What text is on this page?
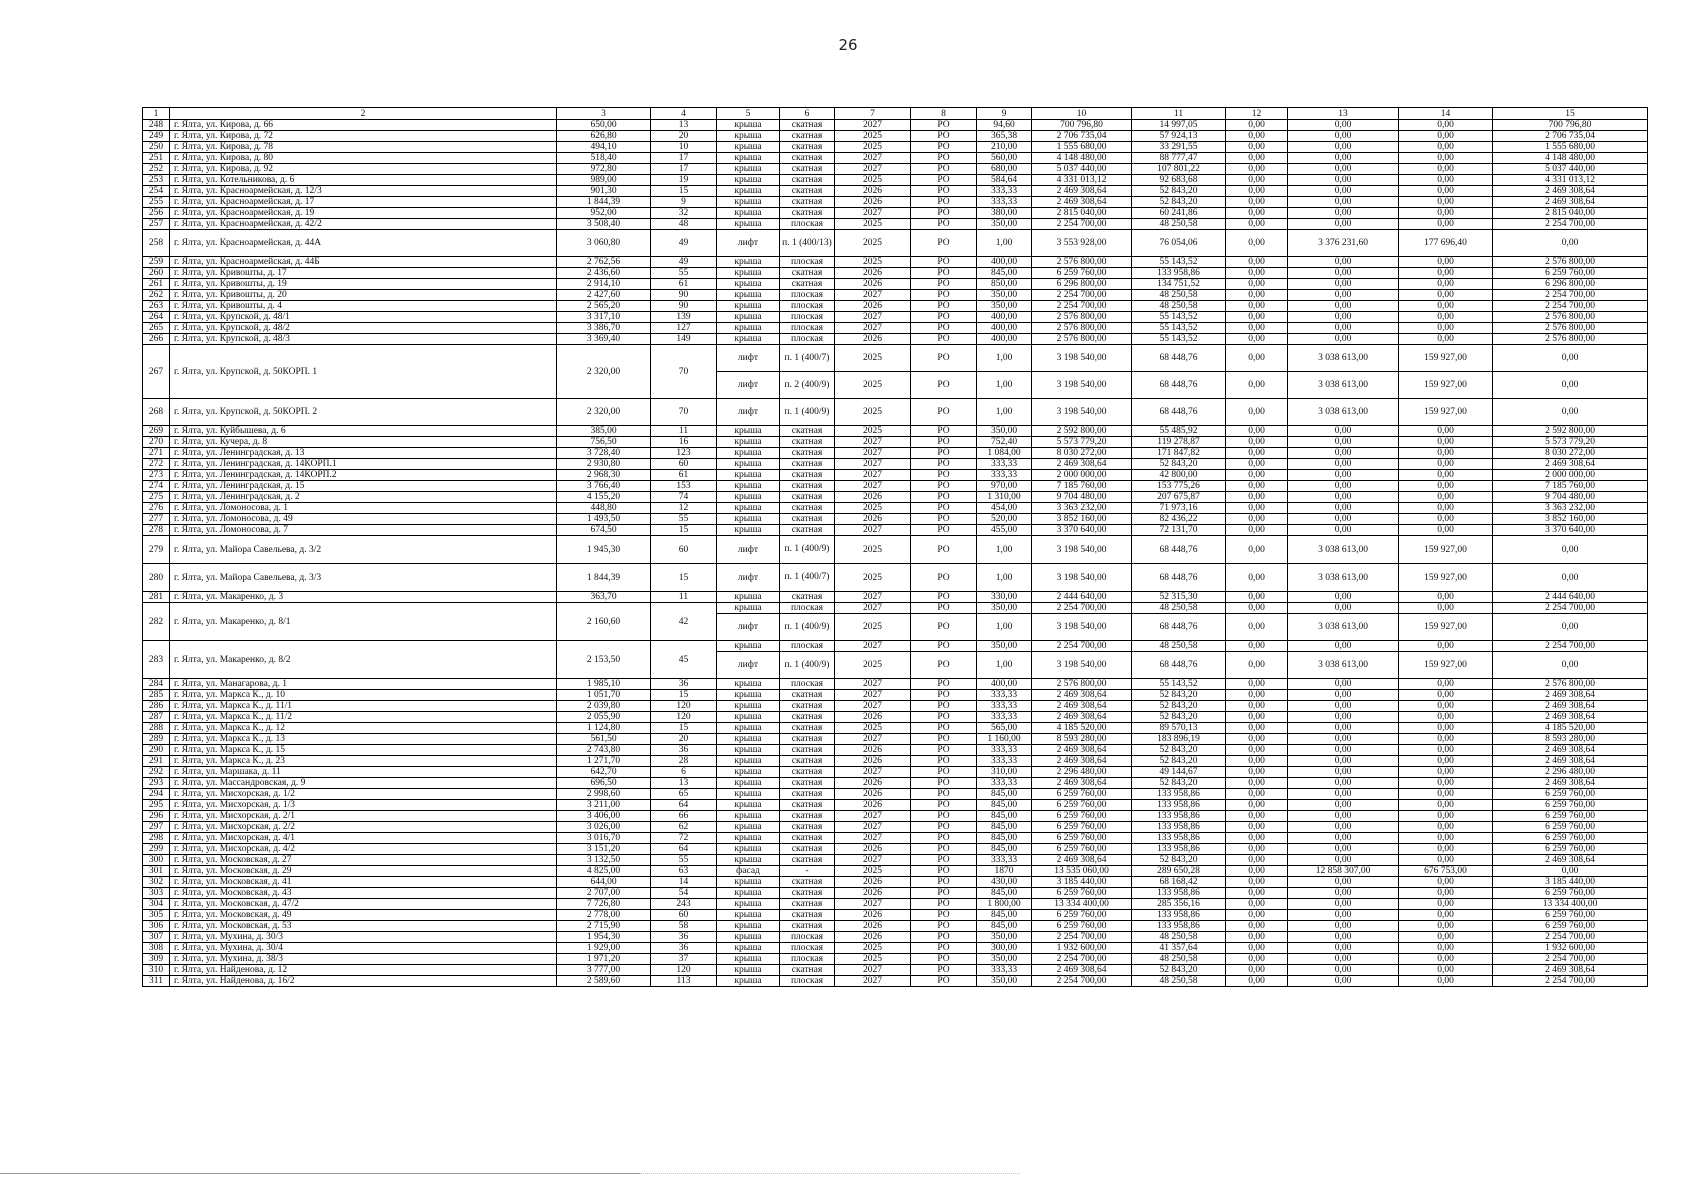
26
1	2	3	4	5	6	7	8	9	10	11	12	13	14	15
248	г. Ялта, ул. Кирова, д. 66	650,00	13	крыша	скатная	2027	РО	94,60	700 796,80	14 997,05	0,00	0,00	0,00	700 796,80
249	г. Ялта, ул. Кирова, д. 72	626,80	20	крыша	скатная	2025	РО	365,38	2 706 735,04	57 924,13	0,00	0,00	0,00	2 706 735,04
250	г. Ялта, ул. Кирова, д. 78	494,10	10	крыша	скатная	2025	РО	210,00	1 555 680,00	33 291,55	0,00	0,00	0,00	1 555 680,00
251	г. Ялта, ул. Кирова, д. 80	518,40	17	крыша	скатная	2027	РО	560,00	4 148 480,00	88 777,47	0,00	0,00	0,00	4 148 480,00
252	г. Ялта, ул. Кирова, д. 92	972,80	17	крыша	скатная	2027	РО	680,00	5 037 440,00	107 801,22	0,00	0,00	0,00	5 037 440,00
253	г. Ялта, ул. Котельникова, д. 6	989,00	19	крыша	скатная	2025	РО	584,64	4 331 013,12	92 683,68	0,00	0,00	0,00	4 331 013,12
254	г. Ялта, ул. Красноармейская, д. 12/3	901,30	15	крыша	скатная	2026	РО	333,33	2 469 308,64	52 843,20	0,00	0,00	0,00	2 469 308,64
255	г. Ялта, ул. Красноармейская, д. 17	1 844,39	9	крыша	скатная	2026	РО	333,33	2 469 308,64	52 843,20	0,00	0,00	0,00	2 469 308,64
256	г. Ялта, ул. Красноармейская, д. 19	952,00	32	крыша	скатная	2027	РО	380,00	2 815 040,00	60 241,86	0,00	0,00	0,00	2 815 040,00
257	г. Ялта, ул. Красноармейская, д. 42/2	3 508,40	48	крыша	плоская	2025	РО	350,00	2 254 700,00	48 250,58	0,00	0,00	0,00	2 254 700,00
258	г. Ялта, ул. Красноармейская, д. 44А	3 060,80	49	лифт	п. 1 (400/13)	2025	РО	1,00	3 553 928,00	76 054,06	0,00	3 376 231,60	177 696,40	0,00
259	г. Ялта, ул. Красноармейская, д. 44Б	2 762,56	49	крыша	плоская	2025	РО	400,00	2 576 800,00	55 143,52	0,00	0,00	0,00	2 576 800,00
260	г. Ялта, ул. Кривошты, д. 17	2 436,60	55	крыша	скатная	2026	РО	845,00	6 259 760,00	133 958,86	0,00	0,00	0,00	6 259 760,00
261	г. Ялта, ул. Кривошты, д. 19	2 914,10	61	крыша	скатная	2026	РО	850,00	6 296 800,00	134 751,52	0,00	0,00	0,00	6 296 800,00
262	г. Ялта, ул. Кривошты, д. 20	2 427,60	90	крыша	плоская	2027	РО	350,00	2 254 700,00	48 250,58	0,00	0,00	0,00	2 254 700,00
263	г. Ялта, ул. Кривошты, д. 4	2 565,20	90	крыша	плоская	2026	РО	350,00	2 254 700,00	48 250,58	0,00	0,00	0,00	2 254 700,00
264	г. Ялта, ул. Крупской, д. 48/1	3 317,10	139	крыша	плоская	2027	РО	400,00	2 576 800,00	55 143,52	0,00	0,00	0,00	2 576 800,00
265	г. Ялта, ул. Крупской, д. 48/2	3 386,70	127	крыша	плоская	2027	РО	400,00	2 576 800,00	55 143,52	0,00	0,00	0,00	2 576 800,00
266	г. Ялта, ул. Крупской, д. 48/3	3 369,40	149	крыша	плоская	2026	РО	400,00	2 576 800,00	55 143,52	0,00	0,00	0,00	2 576 800,00
267	г. Ялта, ул. Крупской, д. 50КОРП. 1	2 320,00	70	лифт	п. 1 (400/7)	2025	РО	1,00	3 198 540,00	68 448,76	0,00	3 038 613,00	159 927,00	0,00
				лифт	п. 2 (400/9)	2025	РО	1,00	3 198 540,00	68 448,76	0,00	3 038 613,00	159 927,00	0,00
268	г. Ялта, ул. Крупской, д. 50КОРП. 2	2 320,00	70	лифт	п. 1 (400/9)	2025	РО	1,00	3 198 540,00	68 448,76	0,00	3 038 613,00	159 927,00	0,00
269	г. Ялта, ул. Куйбышева, д. 6	385,00	11	крыша	скатная	2025	РО	350,00	2 592 800,00	55 485,92	0,00	0,00	0,00	2 592 800,00
270	г. Ялта, ул. Кучера, д. 8	756,50	16	крыша	скатная	2027	РО	752,40	5 573 779,20	119 278,87	0,00	0,00	0,00	5 573 779,20
271	г. Ялта, ул. Ленинградская, д. 13	3 728,40	123	крыша	скатная	2027	РО	1 084,00	8 030 272,00	171 847,82	0,00	0,00	0,00	8 030 272,00
272	г. Ялта, ул. Ленинградская, д. 14КОРП.1	2 930,80	60	крыша	скатная	2027	РО	333,33	2 469 308,64	52 843,20	0,00	0,00	0,00	2 469 308,64
273	г. Ялта, ул. Ленинградская, д. 14КОРП.2	2 968,30	61	крыша	скатная	2027	РО	333,33	2 000 000,00	42 800,00	0,00	0,00	0,00	2 000 000,00
274	г. Ялта, ул. Ленинградская, д. 15	3 766,40	153	крыша	скатная	2027	РО	970,00	7 185 760,00	153 775,26	0,00	0,00	0,00	7 185 760,00
275	г. Ялта, ул. Ленинградская, д. 2	4 155,20	74	крыша	скатная	2026	РО	1 310,00	9 704 480,00	207 675,87	0,00	0,00	0,00	9 704 480,00
276	г. Ялта, ул. Ломоносова, д. 1	448,80	12	крыша	скатная	2025	РО	454,00	3 363 232,00	71 973,16	0,00	0,00	0,00	3 363 232,00
277	г. Ялта, ул. Ломоносова, д. 49	1 493,50	55	крыша	скатная	2026	РО	520,00	3 852 160,00	82 436,22	0,00	0,00	0,00	3 852 160,00
278	г. Ялта, ул. Ломоносова, д. 7	674,50	15	крыша	скатная	2027	РО	455,00	3 370 640,00	72 131,70	0,00	0,00	0,00	3 370 640,00
279	г. Ялта, ул. Майора Савельева, д. 3/2	1 945,30	60	лифт	п. 1 (400/9)	2025	РО	1,00	3 198 540,00	68 448,76	0,00	3 038 613,00	159 927,00	0,00
280	г. Ялта, ул. Майора Савельева, д. 3/3	1 844,39	15	лифт	п. 1 (400/7)	2025	РО	1,00	3 198 540,00	68 448,76	0,00	3 038 613,00	159 927,00	0,00
281	г. Ялта, ул. Макаренко, д. 3	363,70	11	крыша	скатная	2027	РО	330,00	2 444 640,00	52 315,30	0,00	0,00	0,00	2 444 640,00
282	г. Ялта, ул. Макаренко, д. 8/1	2 160,60	42	крыша	плоская	2027	РО	350,00	2 254 700,00	48 250,58	0,00	0,00	0,00	2 254 700,00
				лифт	п. 1 (400/9)	2025	РО	1,00	3 198 540,00	68 448,76	0,00	3 038 613,00	159 927,00	0,00
283	г. Ялта, ул. Макаренко, д. 8/2	2 153,50	45	крыша	плоская	2027	РО	350,00	2 254 700,00	48 250,58	0,00	0,00	0,00	2 254 700,00
				лифт	п. 1 (400/9)	2025	РО	1,00	3 198 540,00	68 448,76	0,00	3 038 613,00	159 927,00	0,00
284	г. Ялта, ул. Манагарова, д. 1	1 985,10	36	крыша	плоская	2027	РО	400,00	2 576 800,00	55 143,52	0,00	0,00	0,00	2 576 800,00
285	г. Ялта, ул. Маркса К., д. 10	1 051,70	15	крыша	скатная	2027	РО	333,33	2 469 308,64	52 843,20	0,00	0,00	0,00	2 469 308,64
286	г. Ялта, ул. Маркса К., д. 11/1	2 039,80	120	крыша	скатная	2027	РО	333,33	2 469 308,64	52 843,20	0,00	0,00	0,00	2 469 308,64
287	г. Ялта, ул. Маркса К., д. 11/2	2 055,90	120	крыша	скатная	2026	РО	333,33	2 469 308,64	52 843,20	0,00	0,00	0,00	2 469 308,64
288	г. Ялта, ул. Маркса К., д. 12	1 124,80	15	крыша	скатная	2025	РО	565,00	4 185 520,00	89 570,13	0,00	0,00	0,00	4 185 520,00
289	г. Ялта, ул. Маркса К., д. 13	561,50	20	крыша	скатная	2027	РО	1 160,00	8 593 280,00	183 896,19	0,00	0,00	0,00	8 593 280,00
290	г. Ялта, ул. Маркса К., д. 15	2 743,80	36	крыша	скатная	2026	РО	333,33	2 469 308,64	52 843,20	0,00	0,00	0,00	2 469 308,64
291	г. Ялта, ул. Маркса К., д. 23	1 271,70	28	крыша	скатная	2026	РО	333,33	2 469 308,64	52 843,20	0,00	0,00	0,00	2 469 308,64
292	г. Ялта, ул. Маршака, д. 11	642,70	6	крыша	скатная	2027	РО	310,00	2 296 480,00	49 144,67	0,00	0,00	0,00	2 296 480,00
293	г. Ялта, ул. Массандровская, д. 9	696,50	13	крыша	скатная	2026	РО	333,33	2 469 308,64	52 843,20	0,00	0,00	0,00	2 469 308,64
294	г. Ялта, ул. Мисхорская, д. 1/2	2 998,60	65	крыша	скатная	2026	РО	845,00	6 259 760,00	133 958,86	0,00	0,00	0,00	6 259 760,00
295	г. Ялта, ул. Мисхорская, д. 1/3	3 211,00	64	крыша	скатная	2026	РО	845,00	6 259 760,00	133 958,86	0,00	0,00	0,00	6 259 760,00
296	г. Ялта, ул. Мисхорская, д. 2/1	3 406,00	66	крыша	скатная	2027	РО	845,00	6 259 760,00	133 958,86	0,00	0,00	0,00	6 259 760,00
297	г. Ялта, ул. Мисхорская, д. 2/2	3 026,00	62	крыша	скатная	2027	РО	845,00	6 259 760,00	133 958,86	0,00	0,00	0,00	6 259 760,00
298	г. Ялта, ул. Мисхорская, д. 4/1	3 016,70	72	крыша	скатная	2027	РО	845,00	6 259 760,00	133 958,86	0,00	0,00	0,00	6 259 760,00
299	г. Ялта, ул. Мисхорская, д. 4/2	3 151,20	64	крыша	скатная	2026	РО	845,00	6 259 760,00	133 958,86	0,00	0,00	0,00	6 259 760,00
300	г. Ялта, ул. Московская, д. 27	3 132,50	55	крыша	скатная	2027	РО	333,33	2 469 308,64	52 843,20	0,00	0,00	0,00	2 469 308,64
301	г. Ялта, ул. Московская, д. 29	4 825,00	63	фасад	-	2025	РО	1870	13 535 060,00	289 650,28	0,00	12 858 307,00	676 753,00	0,00
302	г. Ялта, ул. Московская, д. 41	644,00	14	крыша	скатная	2026	РО	430,00	3 185 440,00	68 168,42	0,00	0,00	0,00	3 185 440,00
303	г. Ялта, ул. Московская, д. 43	2 707,00	54	крыша	скатная	2026	РО	845,00	6 259 760,00	133 958,86	0,00	0,00	0,00	6 259 760,00
304	г. Ялта, ул. Московская, д. 47/2	7 726,80	243	крыша	скатная	2027	РО	1 800,00	13 334 400,00	285 356,16	0,00	0,00	0,00	13 334 400,00
305	г. Ялта, ул. Московская, д. 49	2 778,00	60	крыша	скатная	2026	РО	845,00	6 259 760,00	133 958,86	0,00	0,00	0,00	6 259 760,00
306	г. Ялта, ул. Московская, д. 53	2 715,90	58	крыша	скатная	2026	РО	845,00	6 259 760,00	133 958,86	0,00	0,00	0,00	6 259 760,00
307	г. Ялта, ул. Мухина, д. 30/3	1 954,30	36	крыша	плоская	2026	РО	350,00	2 254 700,00	48 250,58	0,00	0,00	0,00	2 254 700,00
308	г. Ялта, ул. Мухина, д. 30/4	1 929,00	36	крыша	плоская	2025	РО	300,00	1 932 600,00	41 357,64	0,00	0,00	0,00	1 932 600,00
309	г. Ялта, ул. Мухина, д. 38/3	1 971,20	37	крыша	плоская	2025	РО	350,00	2 254 700,00	48 250,58	0,00	0,00	0,00	2 254 700,00
310	г. Ялта, ул. Найденова, д. 12	3 777,00	120	крыша	скатная	2027	РО	333,33	2 469 308,64	52 843,20	0,00	0,00	0,00	2 469 308,64
311	г. Ялта, ул. Найденова, д. 16/2	2 589,60	113	крыша	плоская	2027	РО	350,00	2 254 700,00	48 250,58	0,00	0,00	0,00	2 254 700,00
